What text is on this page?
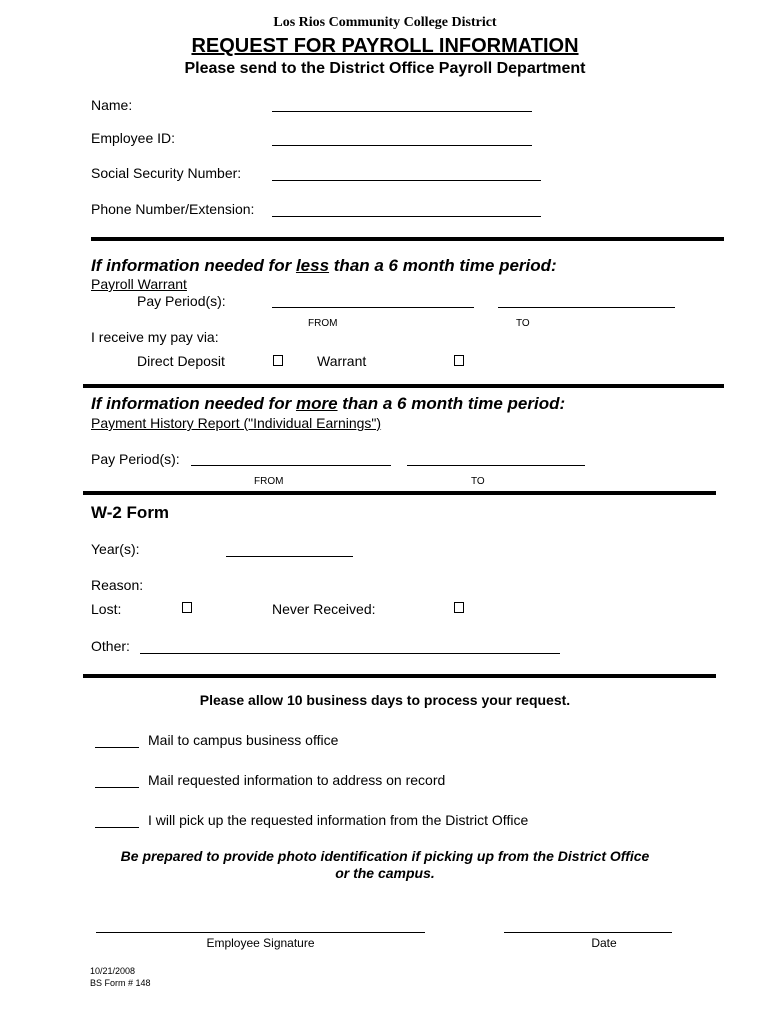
Los Rios Community College District
REQUEST FOR PAYROLL INFORMATION
Please send to the District Office Payroll Department
Name:
Employee ID:
Social Security Number:
Phone Number/Extension:
If information needed for less than a 6 month time period:
Payroll Warrant
Pay Period(s):
FROM	TO
I receive my pay via:
Direct Deposit	Warrant
If information needed for more than a 6 month time period:
Payment History Report ("Individual Earnings")
Pay Period(s):
FROM	TO
W-2 Form
Year(s):
Reason:
Lost:	Never Received:
Other:
Please allow 10 business days to process your request.
Mail to campus business office
Mail requested information to address on record
I will pick up the requested information from the District Office
Be prepared to provide photo identification if picking up from the District Office
or the campus.
Employee Signature	Date
10/21/2008
BS Form # 148
